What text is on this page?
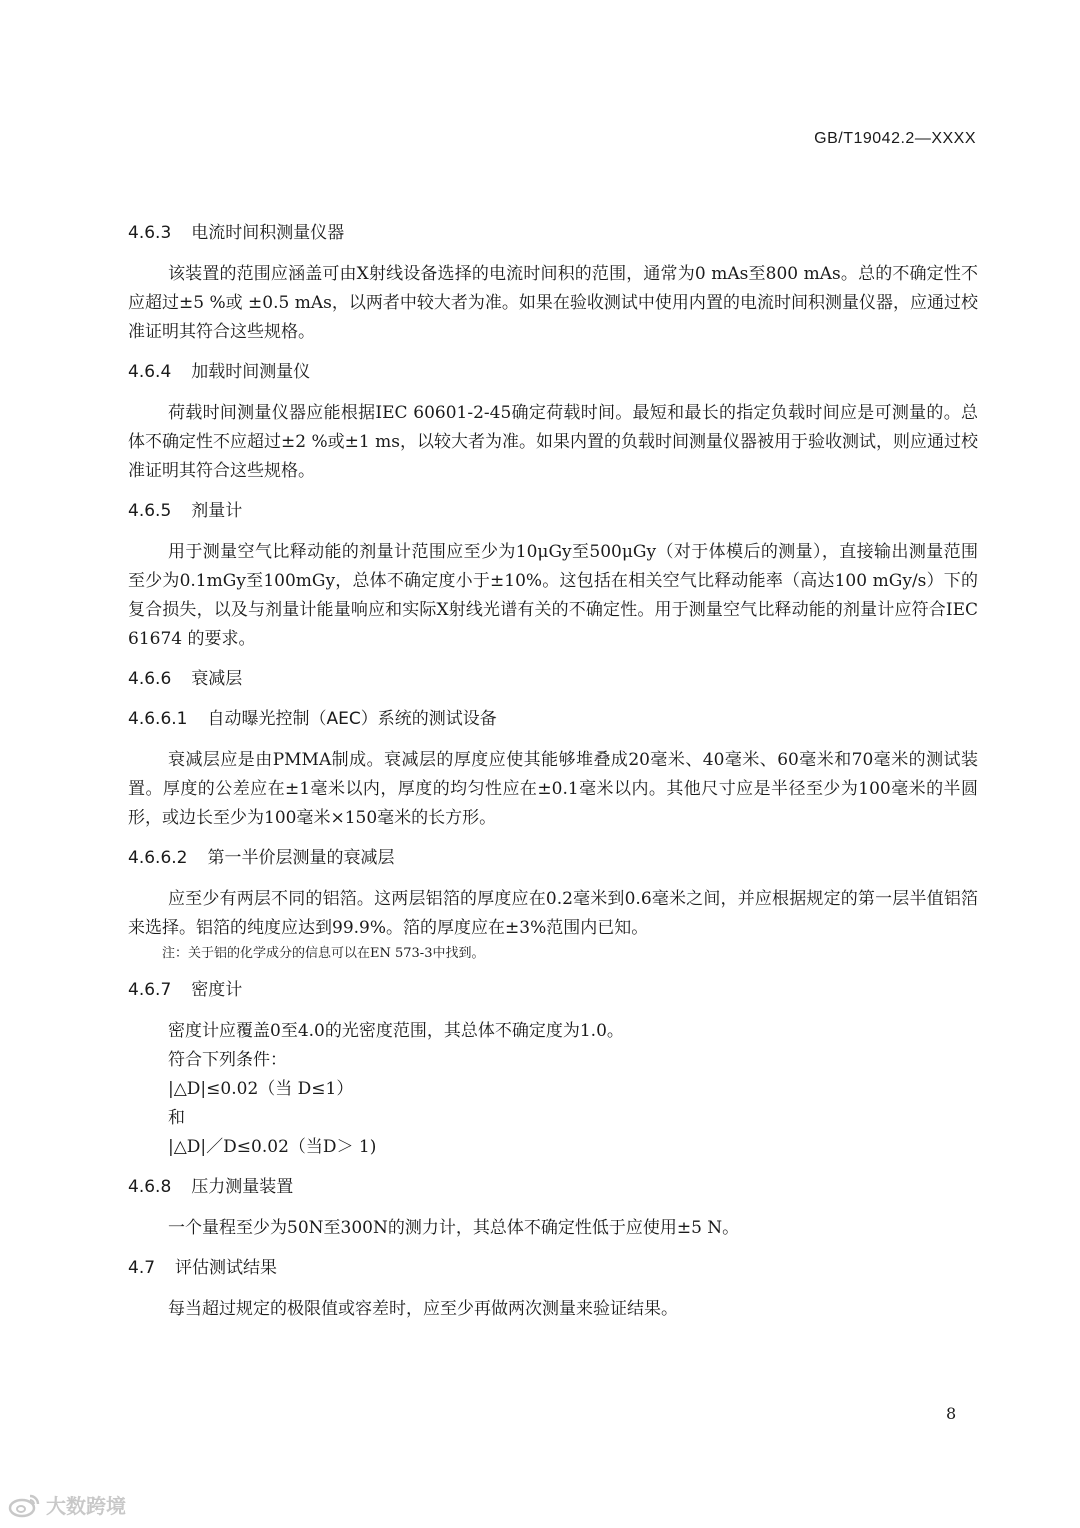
GB/T19042.2—XXXX
4.6.3 电流时间积测量仪器

该装置的范围应涵盖可由X射线设备选择的电流时间积的范围，通常为0 mAs至800 mAs。总的不确定性不应超过±5 %或 ±0.5 mAs，以两者中较大者为准。如果在验收测试中使用内置的电流时间积测量仪器，应通过校准证明其符合这些规格。

4.6.4 加载时间测量仪

荷载时间测量仪器应能根据IEC 60601-2-45确定荷载时间。最短和最长的指定负载时间应是可测量的。总体不确定性不应超过±2 %或±1 ms，以较大者为准。如果内置的负载时间测量仪器被用于验收测试，则应通过校准证明其符合这些规格。

4.6.5 剂量计

用于测量空气比释动能的剂量计范围应至少为10μGy至500μGy（对于体模后的测量），直接输出测量范围至少为0.1mGy至100mGy，总体不确定度小于±10%。这包括在相关空气比释动能率（高达100 mGy/s）下的复合损失，以及与剂量计能量响应和实际X射线光谱有关的不确定性。用于测量空气比释动能的剂量计应符合IEC 61674 的要求。

4.6.6 衰减层
4.6.6.1 自动曝光控制（AEC）系统的测试设备

衰减层应是由PMMA制成。衰减层的厚度应使其能够堆叠成20毫米、40毫米、60毫米和70毫米的测试装置。厚度的公差应在±1毫米以内，厚度的均匀性应在±0.1毫米以内。其他尺寸应是半径至少为100毫米的半圆形，或边长至少为100毫米×150毫米的长方形。

4.6.6.2 第一半价层测量的衰减层

应至少有两层不同的铝箔。这两层铝箔的厚度应在0.2毫米到0.6毫米之间，并应根据规定的第一层半值铝箔来选择。铝箔的纯度应达到99.9%。箔的厚度应在±3%范围内已知。

注：关于铝的化学成分的信息可以在EN 573-3中找到。

4.6.7 密度计

密度计应覆盖0至4.0的光密度范围，其总体不确定度为1.0。

符合下列条件：

|△D|≤0.02（当 D≤1）

和

|△D|／D≤0.02（当D＞ 1)

4.6.8 压力测量装置

一个量程至少为50N至300N的测力计，其总体不确定性低于应使用±5 N。

4.7 评估测试结果

每当超过规定的极限值或容差时，应至少再做两次测量来验证结果。

8
大数跨境
